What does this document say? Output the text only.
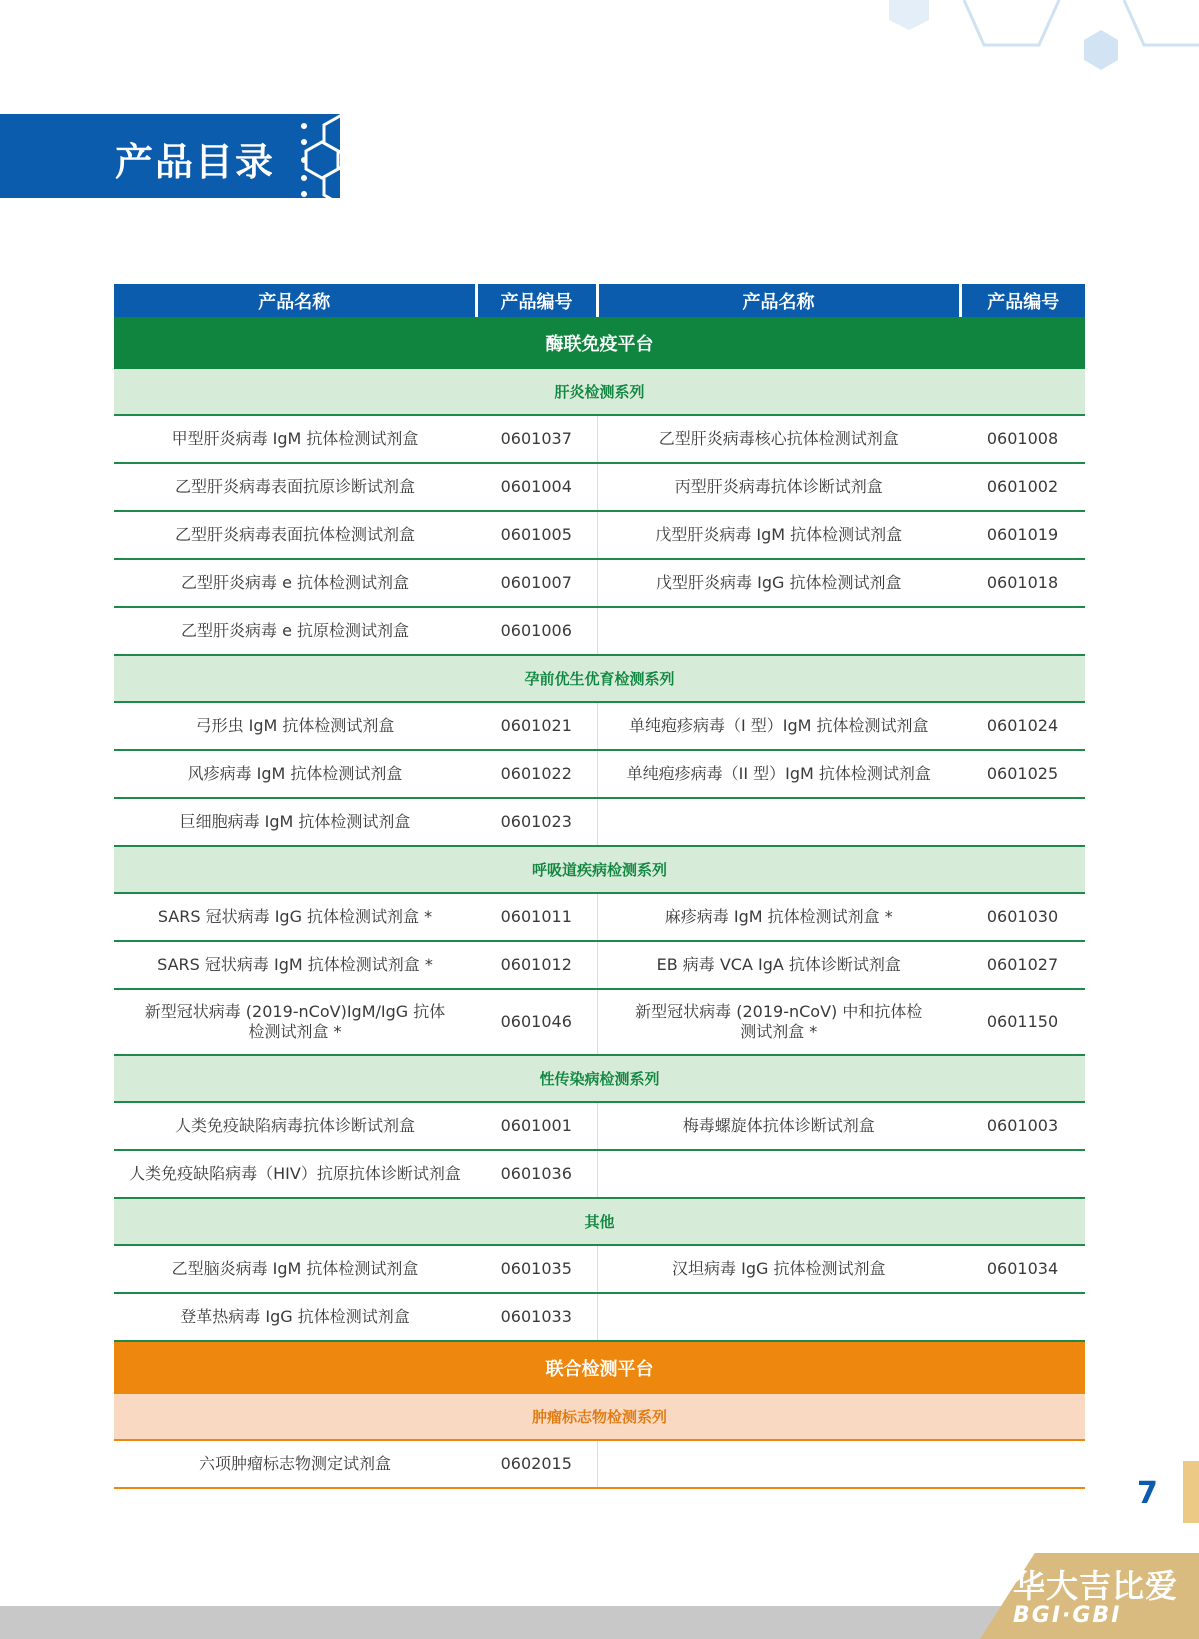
产品目录
产品名称	产品编号	产品名称	产品编号
酶联免疫平台			
肝炎检测系列			
甲型肝炎病毒 IgM 抗体检测试剂盒	0601037	乙型肝炎病毒核心抗体检测试剂盒	0601008
乙型肝炎病毒表面抗原诊断试剂盒	0601004	丙型肝炎病毒抗体诊断试剂盒	0601002
乙型肝炎病毒表面抗体检测试剂盒	0601005	戊型肝炎病毒 IgM 抗体检测试剂盒	0601019
乙型肝炎病毒 e 抗体检测试剂盒	0601007	戊型肝炎病毒 IgG 抗体检测试剂盒	0601018
乙型肝炎病毒 e 抗原检测试剂盒	0601006		
孕前优生优育检测系列			
弓形虫 IgM 抗体检测试剂盒	0601021	单纯疱疹病毒（I 型）IgM 抗体检测试剂盒	0601024
风疹病毒 IgM 抗体检测试剂盒	0601022	单纯疱疹病毒（II 型）IgM 抗体检测试剂盒	0601025
巨细胞病毒 IgM 抗体检测试剂盒	0601023		
呼吸道疾病检测系列			
SARS 冠状病毒 IgG 抗体检测试剂盒 *	0601011	麻疹病毒 IgM 抗体检测试剂盒 *	0601030
SARS 冠状病毒 IgM 抗体检测试剂盒 *	0601012	EB 病毒 VCA IgA 抗体诊断试剂盒	0601027
新型冠状病毒 (2019-nCoV)IgM/IgG 抗体检测试剂盒 *	0601046	新型冠状病毒 (2019-nCoV) 中和抗体检测试剂盒 *	0601150
性传染病检测系列			
人类免疫缺陷病毒抗体诊断试剂盒	0601001	梅毒螺旋体抗体诊断试剂盒	0601003
人类免疫缺陷病毒（HIV）抗原抗体诊断试剂盒	0601036		
其他			
乙型脑炎病毒 IgM 抗体检测试剂盒	0601035	汉坦病毒 IgG 抗体检测试剂盒	0601034
登革热病毒 IgG 抗体检测试剂盒	0601033		
联合检测平台			
肿瘤标志物检测系列			
六项肿瘤标志物测定试剂盒	0602015		
7
华大吉比爱
BGI·GBI
